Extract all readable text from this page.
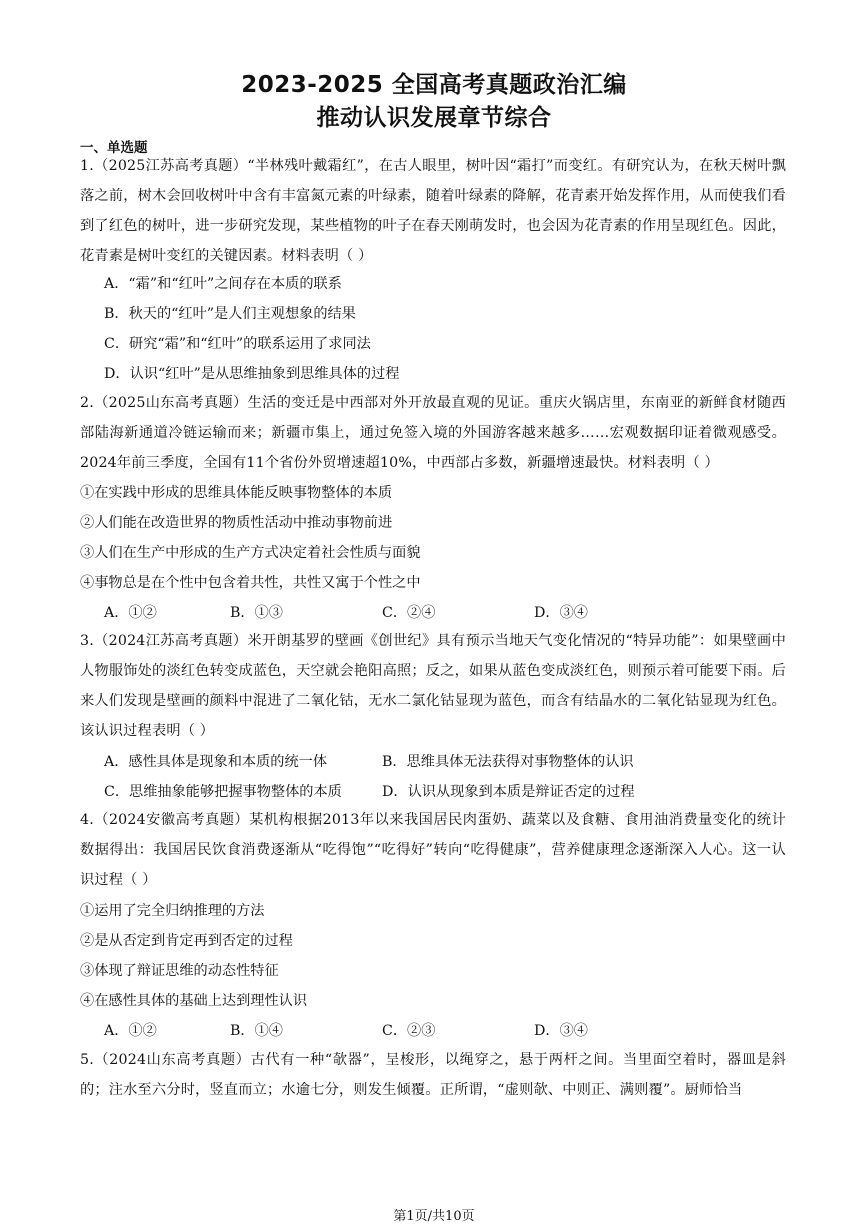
2023-2025 全国高考真题政治汇编
推动认识发展章节综合
一、单选题
1.（2025江苏高考真题）“半林残叶戴霜红”，在古人眼里，树叶因“霜打”而变红。有研究认为，在秋天树叶飘落之前，树木会回收树叶中含有丰富氮元素的叶绿素，随着叶绿素的降解，花青素开始发挥作用，从而使我们看到了红色的树叶，进一步研究发现，某些植物的叶子在春天刚萌发时，也会因为花青素的作用呈现红色。因此，花青素是树叶变红的关键因素。材料表明（ ）
A．“霜”和“红叶”之间存在本质的联系
B．秋天的“红叶”是人们主观想象的结果
C．研究“霜”和“红叶”的联系运用了求同法
D．认识“红叶”是从思维抽象到思维具体的过程
2.（2025山东高考真题）生活的变迁是中西部对外开放最直观的见证。重庆火锅店里，东南亚的新鲜食材随西部陆海新通道冷链运输而来；新疆市集上，通过免签入境的外国游客越来越多……宏观数据印证着微观感受。2024年前三季度，全国有11个省份外贸增速超10%，中西部占多数，新疆增速最快。材料表明（ ）
①在实践中形成的思维具体能反映事物整体的本质
②人们能在改造世界的物质性活动中推动事物前进
③人们在生产中形成的生产方式决定着社会性质与面貌
④事物总是在个性中包含着共性，共性又寓于个性之中
A．①②	B．①③	C．②④	D．③④
3.（2024江苏高考真题）米开朗基罗的壁画《创世纪》具有预示当地天气变化情况的“特异功能”：如果壁画中人物服饰处的淡红色转变成蓝色，天空就会艳阳高照；反之，如果从蓝色变成淡红色，则预示着可能要下雨。后来人们发现是壁画的颜料中混进了二氧化钴，无水二氯化钴显现为蓝色，而含有结晶水的二氧化钴显现为红色。该认识过程表明（ ）
A．感性具体是现象和本质的统一体	B．思维具体无法获得对事物整体的认识
C．思维抽象能够把握事物整体的本质	D．认识从现象到本质是辩证否定的过程
4.（2024安徽高考真题）某机构根据2013年以来我国居民肉蛋奶、蔬菜以及食糖、食用油消费量变化的统计数据得出：我国居民饮食消费逐渐从“吃得饱”“吃得好”转向“吃得健康”，营养健康理念逐渐深入人心。这一认识过程（ ）
①运用了完全归纳推理的方法
②是从否定到肯定再到否定的过程
③体现了辩证思维的动态性特征
④在感性具体的基础上达到理性认识
A．①②	B．①④	C．②③	D．③④
5.（2024山东高考真题）古代有一种“欹器”，呈梭形，以绳穿之，悬于两杆之间。当里面空着时，器皿是斜的；注水至六分时，竖直而立；水逾七分，则发生倾覆。正所谓，“虚则欹、中则正、满则覆”。厨师恰当
第1页/共10页
